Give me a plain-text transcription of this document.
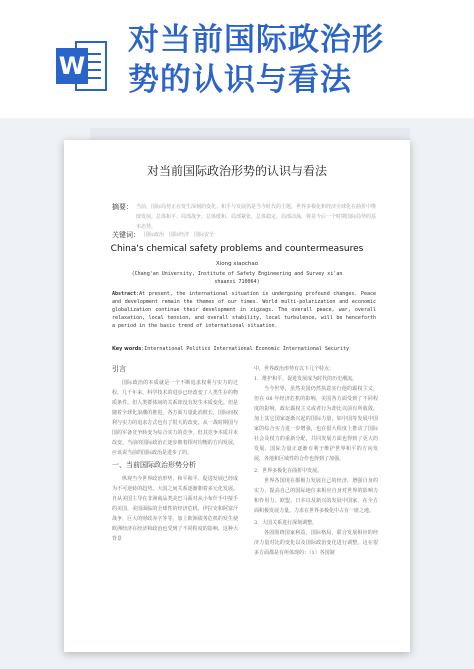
W
对当前国际政治形
势的认识与看法
对当前国际政治形势的认识与看法
摘要： 当前，国际局势正在发生深刻的变化。和平与发展仍是当今时代的主题。世界多极化和经济全球化在曲折中继续发展。总体和平、局部战争，总体缓和、局部紧张，总体稳定、局部动荡，将是今后一个时期国际局势的基本态势。
关键词： 国际政治　国际经济　国际安全
China's chemical safety problems and countermeasures
Xiong xiaochao
(Chang'an University, Institute of Safety Engineering and Survey xi'an shaanxi 710064)
Abstract:At present, the international situation is undergoing profound changes. Peace and development remain the themes of our times. World multi-polarization and economic globalization continue their development in zigzags. The overall peace, war, overall relaxation, local tension, and overall stability, local turbulence, will be henceforth a period in the basic trend of international situation.
Key words:International Politics International Economic International Security
引言

国际政治的本质就是一个不断追求权利与实力的过程。几千年来，科学技术的进步已经改变了人类生存的物质条件。但人类群体间的关系却没有发生本质变化。但是随着全球化浪潮的推进，各方面力量此消彼长，国际间权利与实力的追求方式也有了很大的改变。从一战时期国与国的军备竞争转变为综合实力的竞争。但其竞争本质并未改变。当前的国际政治正逐步朝着相对均衡的方向发展，应该说当前的国际政治是进步了的。

一、当前国际政治形势分析

纵观当今世界政治形势，和平和平、促进发展已经成为不可逆转的趋势。大国之间关系逐渐朝着多元化发展。自从美国主导在非洲商品类美巴马面对从小布什手中接手的美国，美国面临的全球性的经济危机，伊拉克和阿富汗战争，巨大的财政赤字等等，加上欧洲债务危机的发生使欧洲经济在经济和政治也受到了不同程度的影响，这种大背景

中，世界政治形势有以下几个特点：

1．维护和平，促进发展成为时代的历史潮流。

当今世界，虽然美国仍然执意实行他的霸权主义，但在 08 年经济危机的影响，美国各方面受到了不同程度的影响，政坛霸权主义或者行为却比以前有所收敛。加上其它国家逐渐兴起的国际力量，如中国等发展中国家的综合实力进一步增强，也在很大程度上推动了国际社会及权力的重新分配，共同发展方面也得到了更大的发展，国际力量正逐渐有利于维护世界和平的方向发展，各地和区域性的合作也得到了加强。

2．世界多极化在曲折中发展。

世界各国现在都极力发展自己的经济，增强自身的实力，提高自己的国际地位来相应自身对世界的影响力和作用力。欧盟、日本以及新兴的发展中国家，在全方面积极发展力量。力求在世界多极化中占有一席之地。

3．大国关系进行深刻调整。

各国围绕国家利益，国际格局，联合发展相应的经济力量对比的变化以及国际政治变化进行调整。这在很多方面都是有所体现的：（1）各国制
